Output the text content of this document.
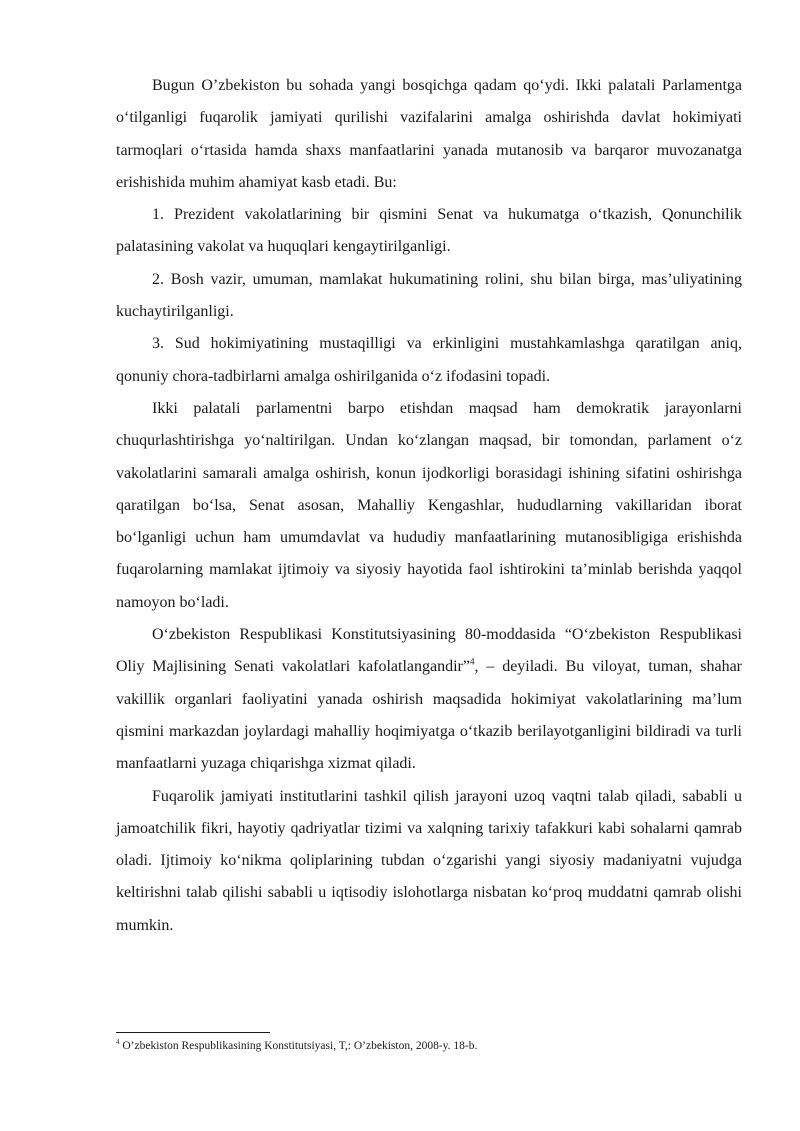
Bugun O’zbekiston bu sohada yangi bosqichga qadam qo‘ydi. Ikki palatali Parlamentga o‘tilganligi fuqarolik jamiyati qurilishi vazifalarini amalga oshirishda davlat hokimiyati tarmoqlari o‘rtasida hamda shaxs manfaatlarini yanada mutanosib va barqaror muvozanatga erishishida muhim ahamiyat kasb etadi. Bu:

1. Prezident vakolatlarining bir qismini Senat va hukumatga o‘tkazish, Qonunchilik palatasining vakolat va huquqlari kengaytirilganligi.

2. Bosh vazir, umuman, mamlakat hukumatining rolini, shu bilan birga, mas’uliyatining kuchaytirilganligi.

3. Sud hokimiyatining mustaqilligi va erkinligini mustahkamlashga qaratilgan aniq, qonuniy chora-tadbirlarni amalga oshirilganida o‘z ifodasini topadi.

Ikki palatali parlamentni barpo etishdan maqsad ham demokratik jarayonlarni chuqurlashtirishga yo‘naltirilgan. Undan ko‘zlangan maqsad, bir tomondan, parlament o‘z vakolatlarini samarali amalga oshirish, konun ijodkorligi borasidagi ishining sifatini oshirishga qaratilgan bo‘lsa, Senat asosan, Mahalliy Kengashlar, hududlarning vakillaridan iborat bo‘lganligi uchun ham umumdavlat va hududiy manfaatlarining mutanosibligiga erishishda fuqarolarning mamlakat ijtimoiy va siyosiy hayotida faol ishtirokini ta’minlab berishda yaqqol namoyon bo‘ladi.

O‘zbekiston Respublikasi Konstitutsiyasining 80-moddasida “O‘zbekiston Respublikasi Oliy Majlisining Senati vakolatlari kafolatlangandir”$^4$, – deyiladi. Bu viloyat, tuman, shahar vakillik organlari faoliyatini yanada oshirish maqsadida hokimiyat vakolatlarining ma’lum qismini markazdan joylardagi mahalliy hoqimiyatga o‘tkazib berilayotganligini bildiradi va turli manfaatlarni yuzaga chiqarishga xizmat qiladi.

Fuqarolik jamiyati institutlarini tashkil qilish jarayoni uzoq vaqtni talab qiladi, sababli u jamoatchilik fikri, hayotiy qadriyatlar tizimi va xalqning tarixiy tafakkuri kabi sohalarni qamrab oladi. Ijtimoiy ko‘nikma qoliplarining tubdan o‘zgarishi yangi siyosiy madaniyatni vujudga keltirishni talab qilishi sababli u iqtisodiy islohotlarga nisbatan ko‘proq muddatni qamrab olishi mumkin.

$^4$ O’zbekiston Respublikasining Konstitutsiyasi, T,: O’zbekiston, 2008-y. 18-b.
